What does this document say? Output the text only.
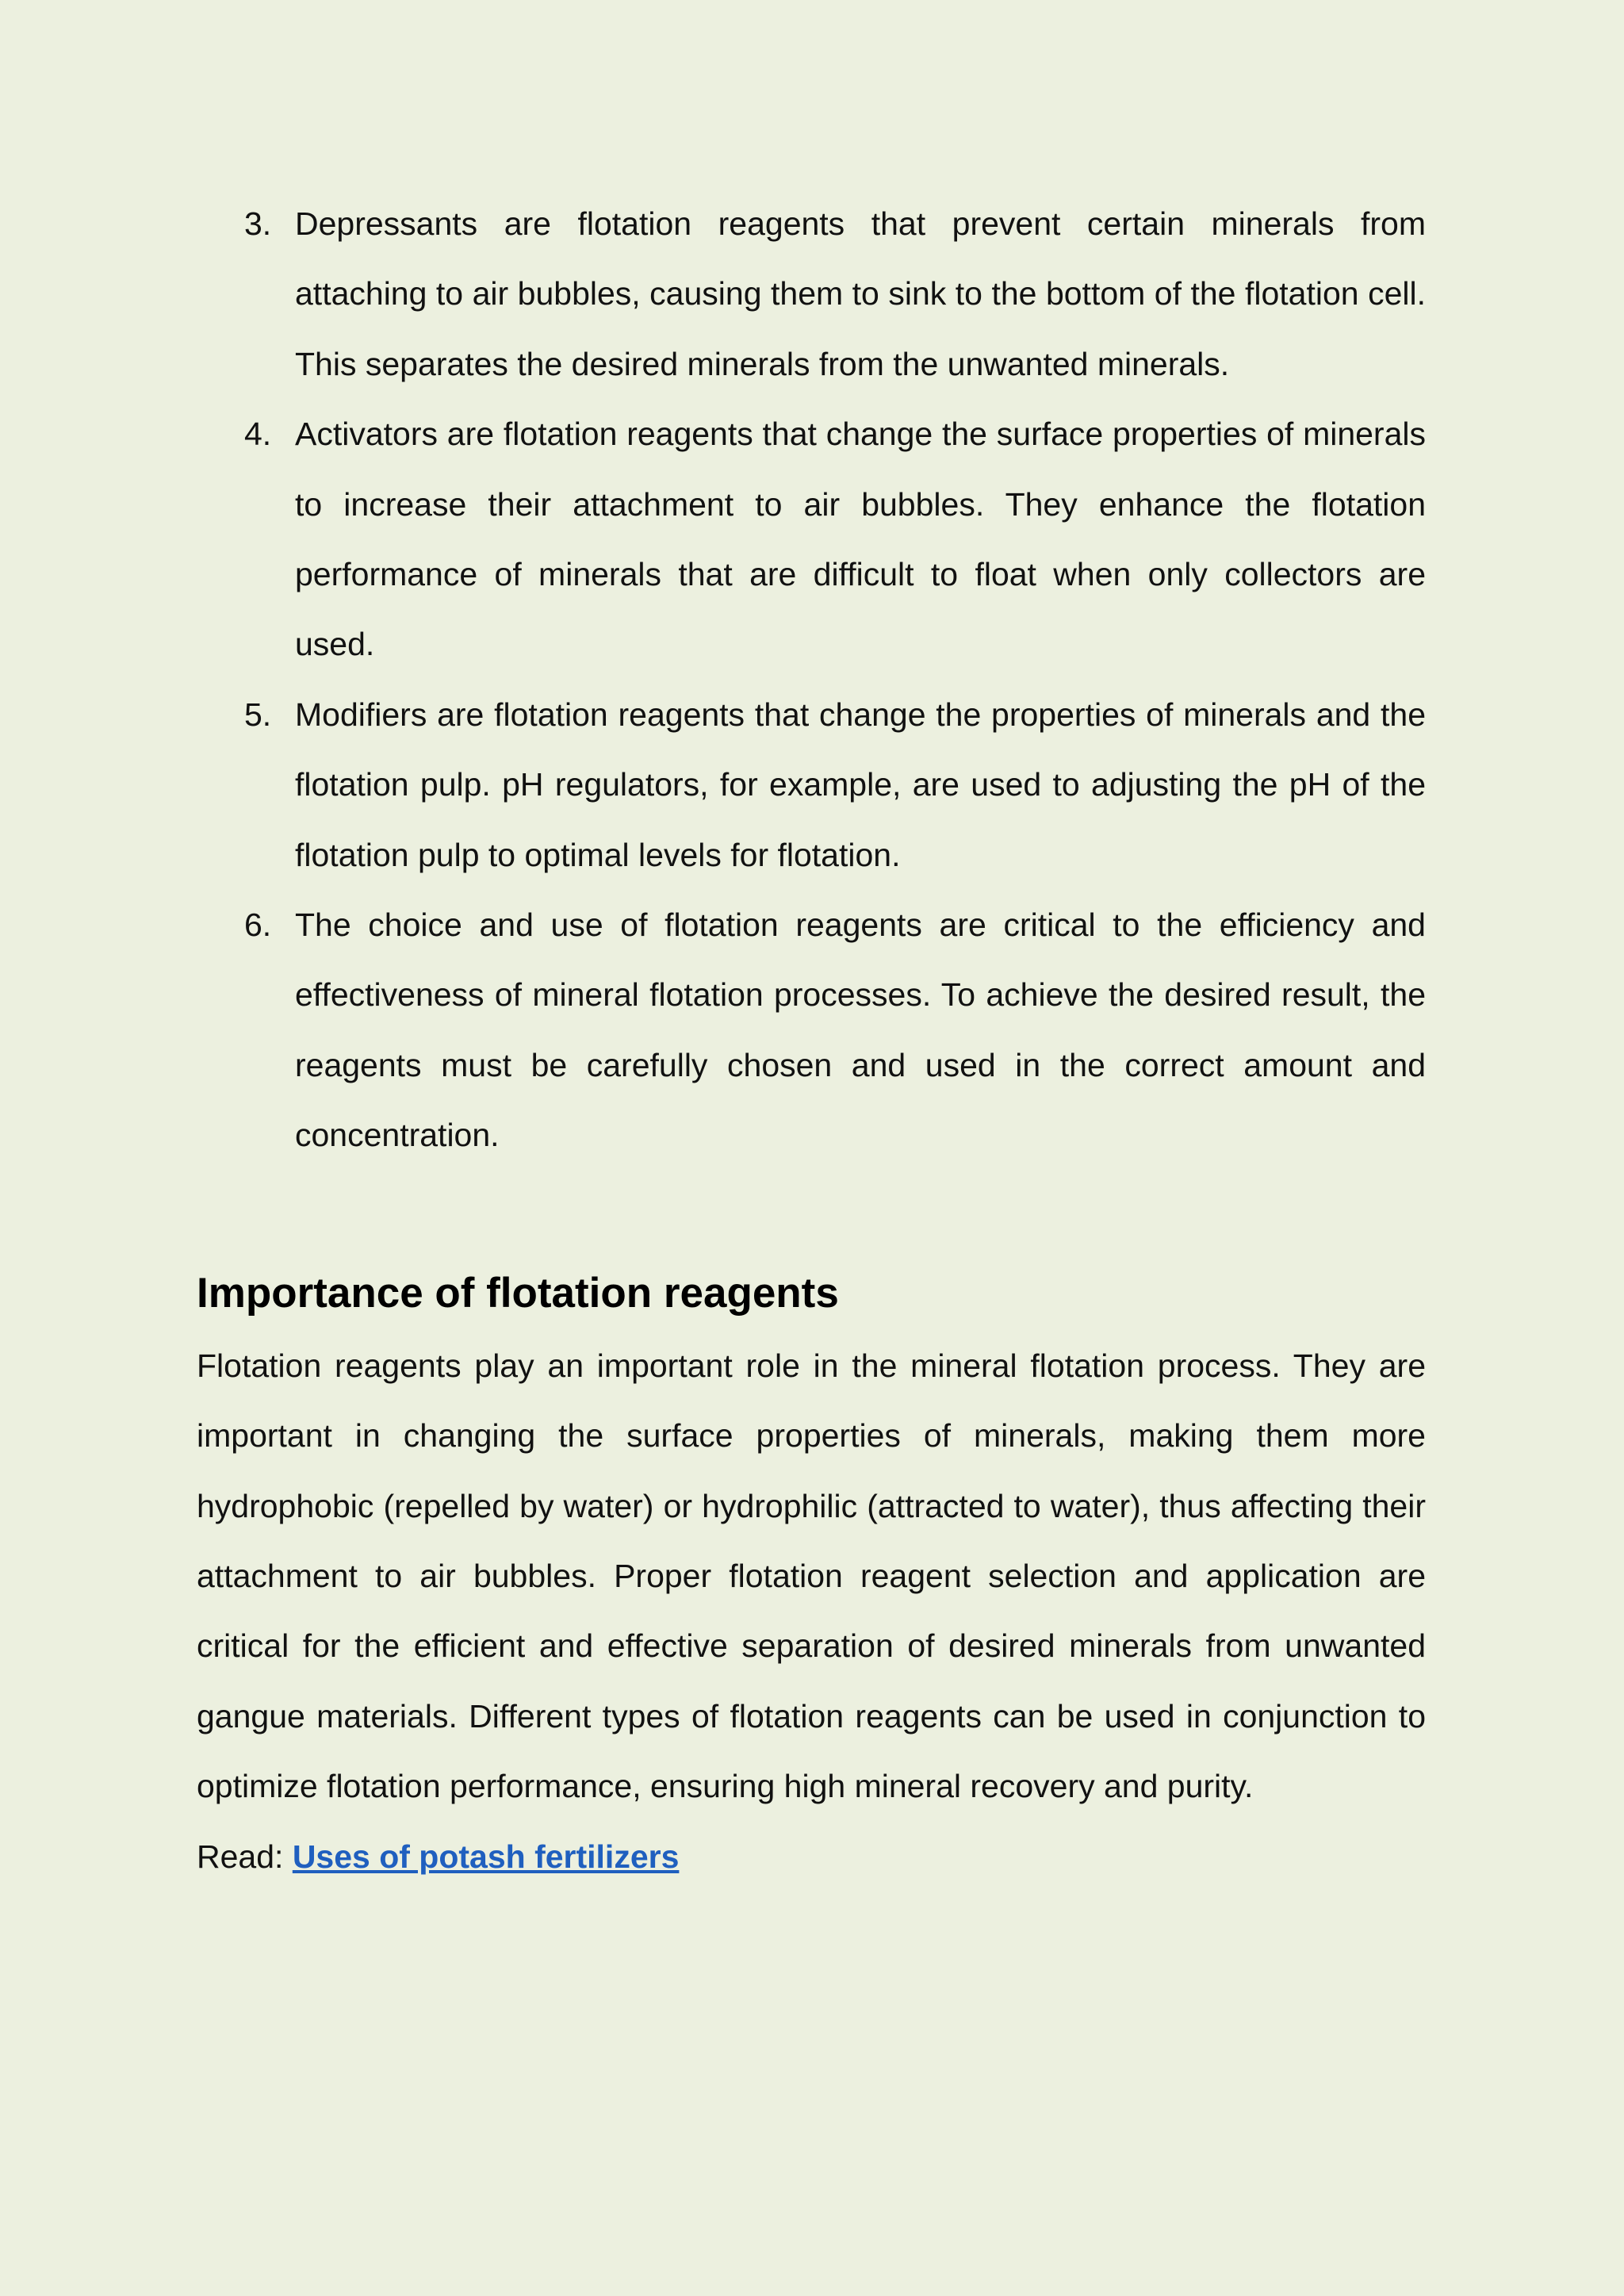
3. Depressants are flotation reagents that prevent certain minerals from attaching to air bubbles, causing them to sink to the bottom of the flotation cell. This separates the desired minerals from the unwanted minerals.
4. Activators are flotation reagents that change the surface properties of minerals to increase their attachment to air bubbles. They enhance the flotation performance of minerals that are difficult to float when only collectors are used.
5. Modifiers are flotation reagents that change the properties of minerals and the flotation pulp. pH regulators, for example, are used to adjusting the pH of the flotation pulp to optimal levels for flotation.
6. The choice and use of flotation reagents are critical to the efficiency and effectiveness of mineral flotation processes. To achieve the desired result, the reagents must be carefully chosen and used in the correct amount and concentration.
Importance of flotation reagents

Flotation reagents play an important role in the mineral flotation process. They are important in changing the surface properties of minerals, making them more hydrophobic (repelled by water) or hydrophilic (attracted to water), thus affecting their attachment to air bubbles. Proper flotation reagent selection and application are critical for the efficient and effective separation of desired minerals from unwanted gangue materials. Different types of flotation reagents can be used in conjunction to optimize flotation performance, ensuring high mineral recovery and purity.

Read: Uses of potash fertilizers
